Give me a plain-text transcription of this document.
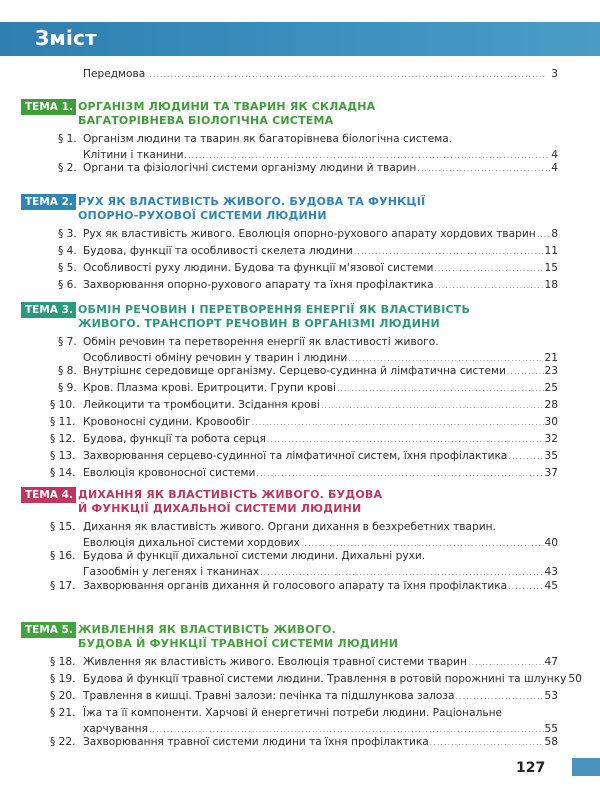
Зміст
Передмова .....	3
ТЕМА 1. ОРГАНІЗМ ЛЮДИНИ ТА ТВАРИН ЯК СКЛАДНА
БАГАТОРІВНЕВА БІОЛОГІЧНА СИСТЕМА
§ 1. Організм людини та тварин як багаторівнева біологічна система.
Клітини і тканини .....	4
§ 2. Органи та фізіологічні системи організму людини й тварин .....	4
ТЕМА 2. РУХ ЯК ВЛАСТИВІСТЬ ЖИВОГО. БУДОВА ТА ФУНКЦІЇ
ОПОРНО-РУХОВОЇ СИСТЕМИ ЛЮДИНИ
§ 3. Рух як властивість живого. Еволюція опорно-рухового апарату хордових тварин ..... 8
§ 4. Будова, функції та особливості скелета людини .....	11
§ 5. Особливості руху людини. Будова та функції м'язової системи .....	15
§ 6. Захворювання опорно-рухового апарату та їхня профілактика .....	18
ТЕМА 3. ОБМІН РЕЧОВИН І ПЕРЕТВОРЕННЯ ЕНЕРГІЇ ЯК ВЛАСТИВІСТЬ
ЖИВОГО. ТРАНСПОРТ РЕЧОВИН В ОРГАНІЗМІ ЛЮДИНИ
§ 7. Обмін речовин та перетворення енергії як властивості живого.
Особливості обміну речовин у тварин і людини .....	21
§ 8. Внутрішнє середовище організму. Серцево-судинна й лімфатична системи .....	23
§ 9. Кров. Плазма крові. Еритроцити. Групи крові .....	25
§ 10. Лейкоцити та тромбоцити. Зсідання крові .....	28
§ 11. Кровоносні судини. Кровообіг .....	30
§ 12. Будова, функції та робота серця .....	32
§ 13. Захворювання серцево-судинної та лімфатичної систем, їхня профілактика .....	35
§ 14. Еволюція кровоносної системи .....	37
ТЕМА 4. ДИХАННЯ ЯК ВЛАСТИВІСТЬ ЖИВОГО. БУДОВА
Й ФУНКЦІЇ ДИХАЛЬНОЇ СИСТЕМИ ЛЮДИНИ
§ 15. Дихання як властивість живого. Органи дихання в безхребетних тварин.
Еволюція дихальної системи хордових .....	40
§ 16. Будова й функції дихальної системи людини. Дихальні рухи.
Газообмін у легенях і тканинах .....	43
§ 17. Захворювання органів дихання й голосового апарату та їхня профілактика .....	45
ТЕМА 5. ЖИВЛЕННЯ ЯК ВЛАСТИВІСТЬ ЖИВОГО.
БУДОВА Й ФУНКЦІЇ ТРАВНОЇ СИСТЕМИ ЛЮДИНИ
§ 18. Живлення як властивість живого. Еволюція травної системи тварин .....	47
§ 19. Будова й функції травної системи людини. Травлення в ротовій порожнині та шлунку 50
§ 20. Травлення в кишці. Травні залози: печінка та підшлункова залоза .....	53
§ 21. Їжа та її компоненти. Харчові й енергетичні потреби людини. Раціональне
харчування .....	55
§ 22. Захворювання травної системи людини та їхня профілактика .....	58
127
